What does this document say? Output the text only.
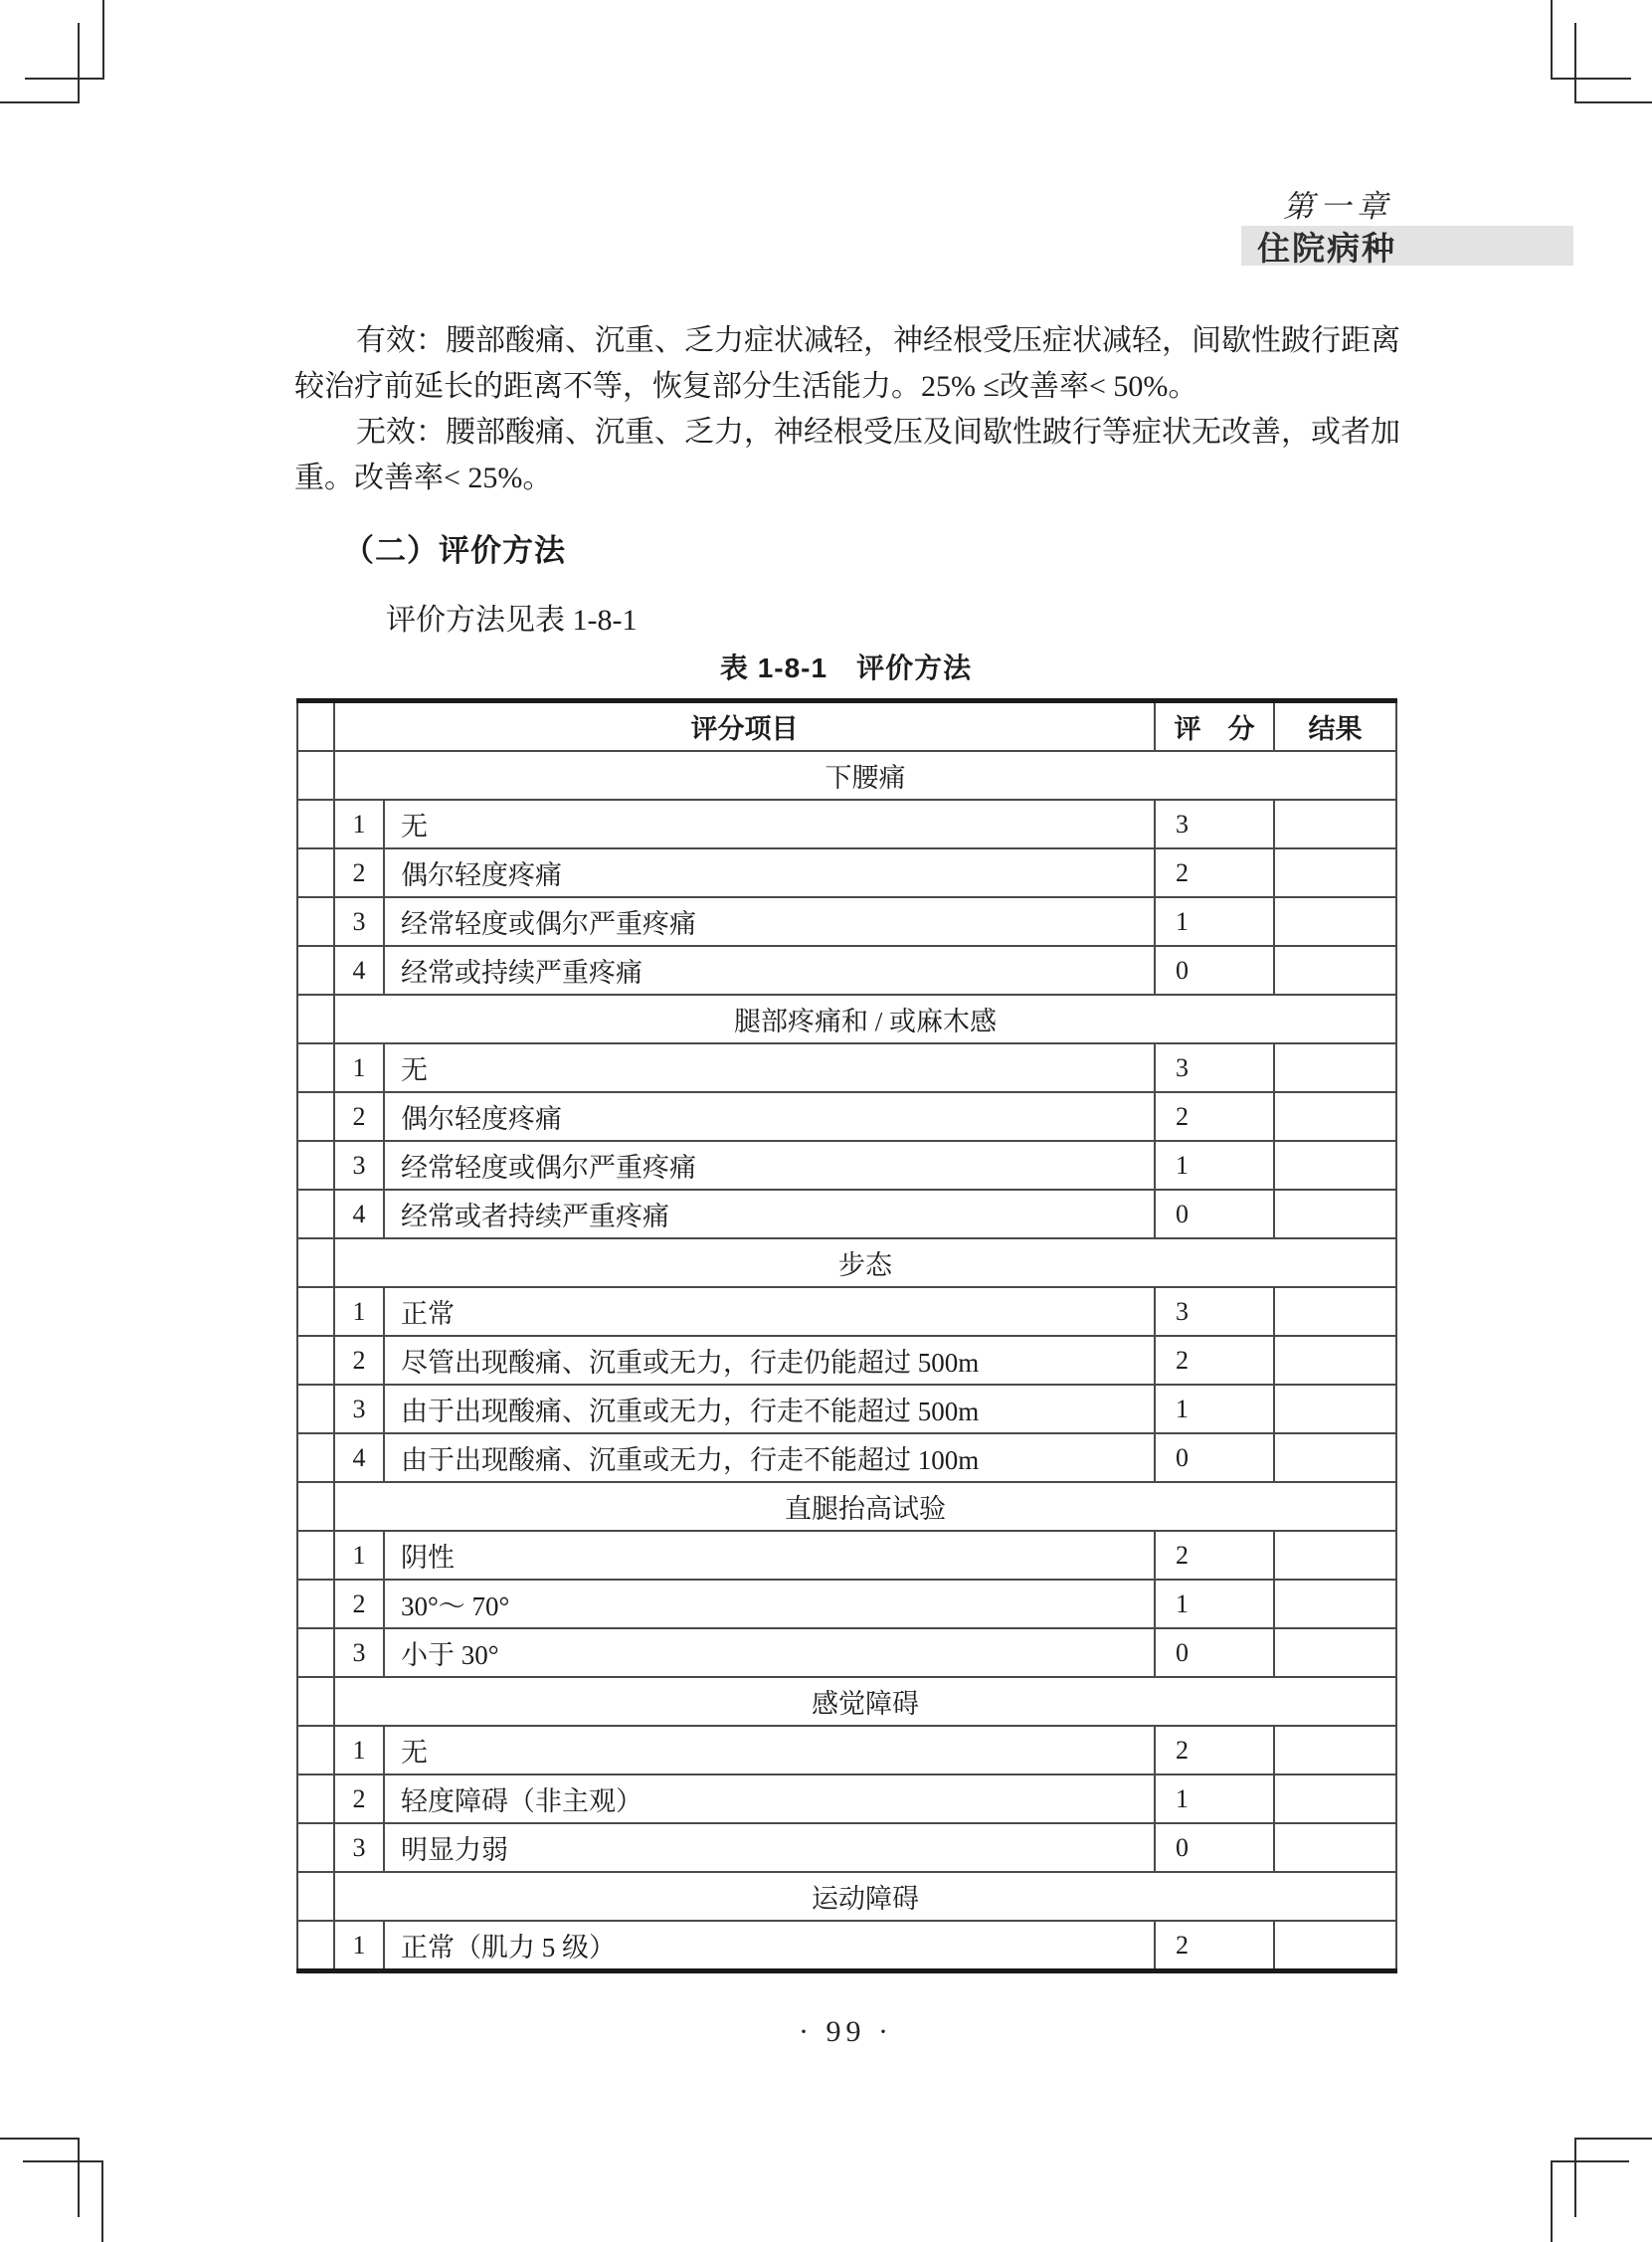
第一章
住院病种
有效：腰部酸痛、沉重、乏力症状减轻，神经根受压症状减轻，间歇性跛行距离
较治疗前延长的距离不等，恢复部分生活能力。25% ≤改善率< 50%。
无效：腰部酸痛、沉重、乏力，神经根受压及间歇性跛行等症状无改善，或者加
重。改善率< 25%。
（二）评价方法
评价方法见表 1-8-1
表 1-8-1　评价方法
	评分项目		评　分	结果
	下腰痛			
	1	无	3	
	2	偶尔轻度疼痛	2	
	3	经常轻度或偶尔严重疼痛	1	
	4	经常或持续严重疼痛	0	
	腿部疼痛和 / 或麻木感			
	1	无	3	
	2	偶尔轻度疼痛	2	
	3	经常轻度或偶尔严重疼痛	1	
	4	经常或者持续严重疼痛	0	
	步态			
	1	正常	3	
	2	尽管出现酸痛、沉重或无力，行走仍能超过 500m	2	
	3	由于出现酸痛、沉重或无力，行走不能超过 500m	1	
	4	由于出现酸痛、沉重或无力，行走不能超过 100m	0	
	直腿抬高试验			
	1	阴性	2	
	2	30°～ 70°	1	
	3	小于 30°	0	
	感觉障碍			
	1	无	2	
	2	轻度障碍（非主观）	1	
	3	明显力弱	0	
	运动障碍			
	1	正常（肌力 5 级）	2	
· 99 ·
